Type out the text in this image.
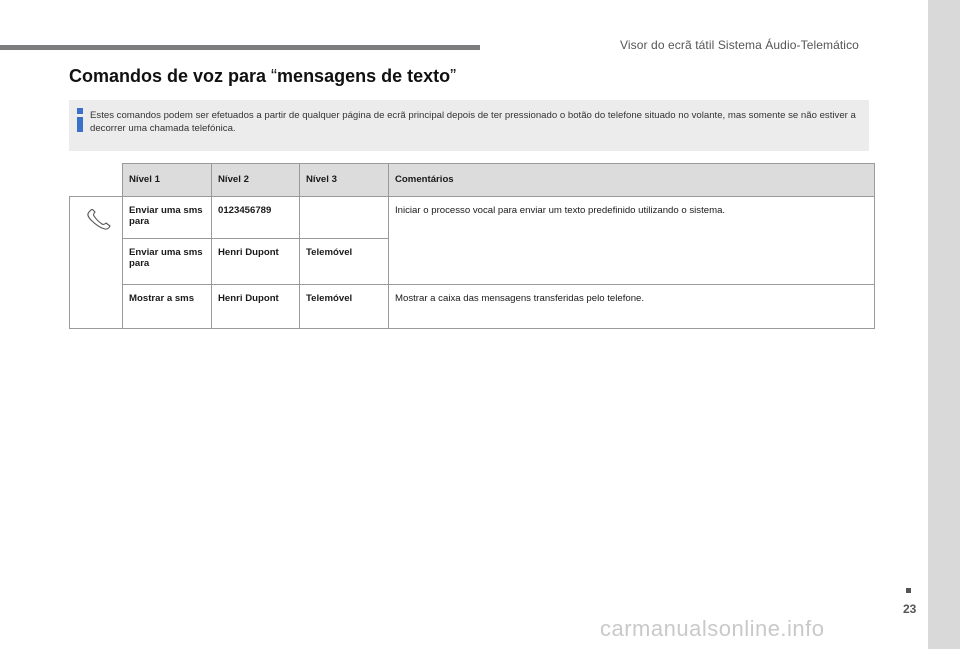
Visor do ecrã tátil Sistema Áudio-Telemático
Comandos de voz para “mensagens de texto”
Estes comandos podem ser efetuados a partir de qualquer página de ecrã principal depois de ter pressionado o botão do telefone situado no volante, mas somente se não estiver a decorrer uma chamada telefónica.
	Nível 1	Nível 2	Nível 3	Comentários

	Enviar uma sms para	0123456789		Iniciar o processo vocal para enviar um texto predefinido utilizando o sistema.
	Enviar uma sms para	Henri Dupont	Telemóvel	
	Mostrar a sms	Henri Dupont	Telemóvel	Mostrar a caixa das mensagens transferidas pelo telefone.
23
carmanualsonline.info
